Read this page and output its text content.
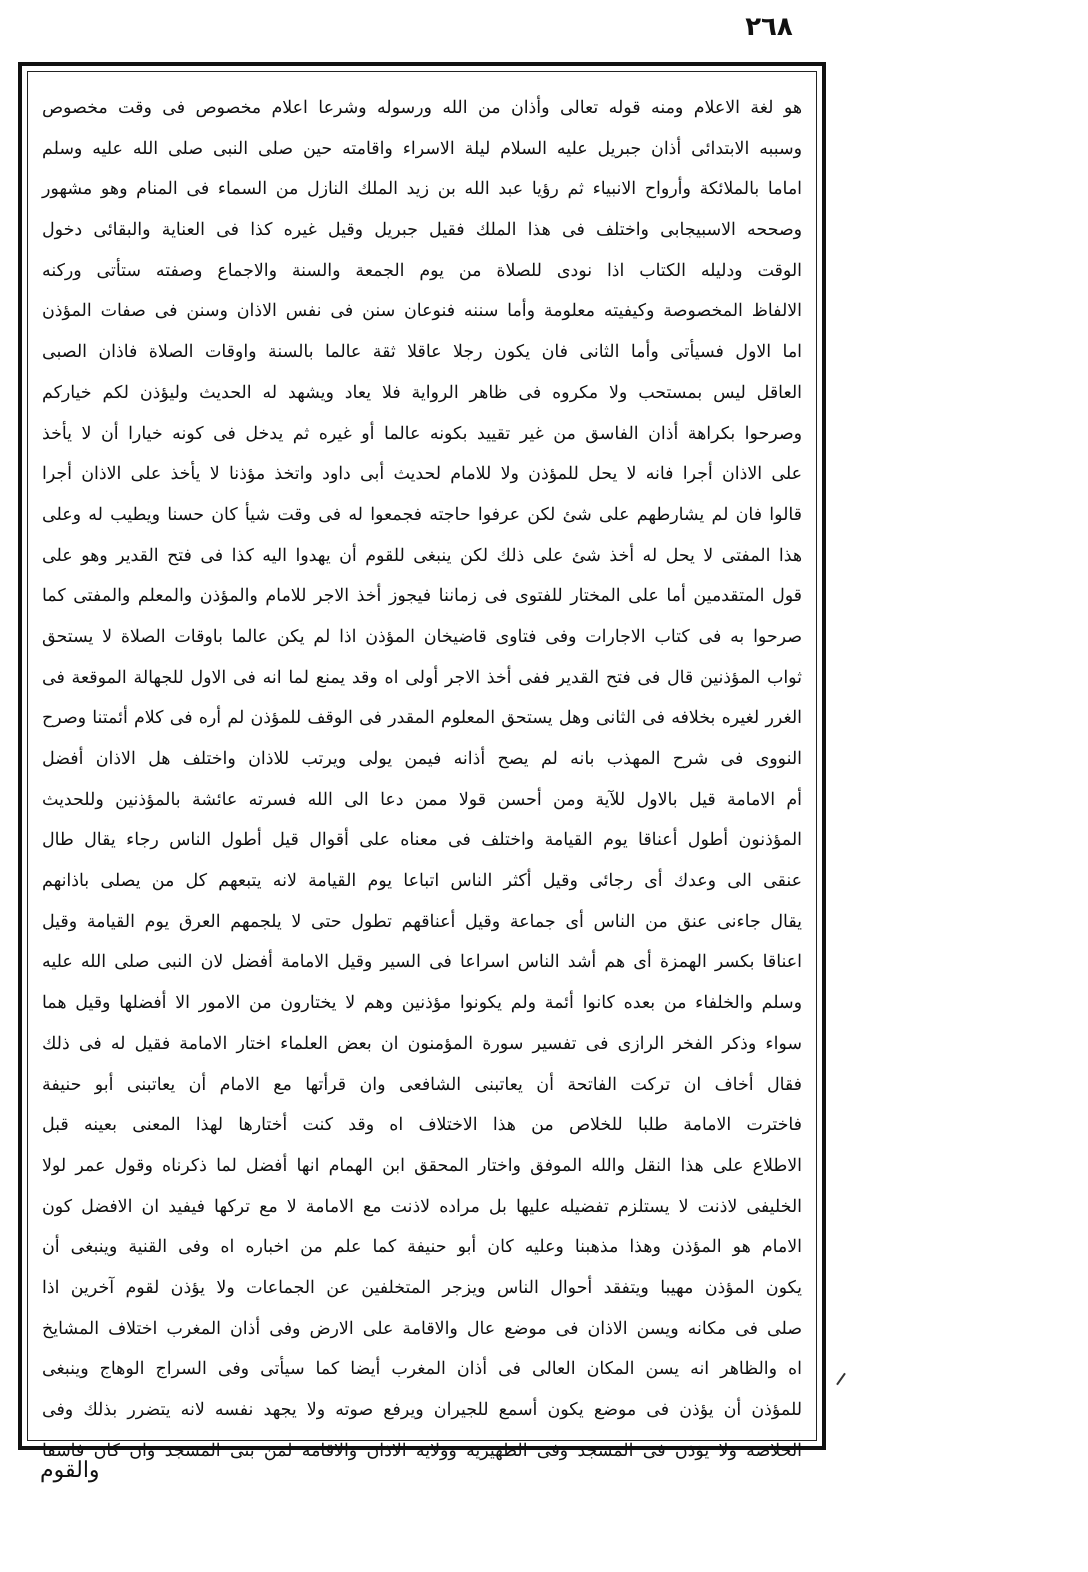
٢٦٨
هو لغة الاعلام ومنه قوله تعالى وأذان من الله ورسوله وشرعا اعلام مخصوص فى وقت مخصوص
وسببه الابتدائى أذان جبريل عليه السلام ليلة الاسراء واقامته حين صلى النبى صلى الله عليه وسلم
اماما بالملائكة وأرواح الانبياء ثم رؤيا عبد الله بن زيد الملك النازل من السماء فى المنام وهو مشهور
وصححه الاسبيجابى واختلف فى هذا الملك فقيل جبريل وقيل غيره كذا فى العناية والبقائى دخول
الوقت ودليله الكتاب اذا نودى للصلاة من يوم الجمعة والسنة والاجماع وصفته ستأتى وركنه
الالفاظ المخصوصة وكيفيته معلومة وأما سننه فنوعان سنن فى نفس الاذان وسنن فى صفات المؤذن
اما الاول فسيأتى وأما الثانى فان يكون رجلا عاقلا ثقة عالما بالسنة واوقات الصلاة فاذان الصبى
العاقل ليس بمستحب ولا مكروه فى ظاهر الرواية فلا يعاد ويشهد له الحديث وليؤذن لكم خياركم
وصرحوا بكراهة أذان الفاسق من غير تقييد بكونه عالما أو غيره ثم يدخل فى كونه خيارا أن لا يأخذ
على الاذان أجرا فانه لا يحل للمؤذن ولا للامام لحديث أبى داود واتخذ مؤذنا لا يأخذ على الاذان أجرا
قالوا فان لم يشارطهم على شئ لكن عرفوا حاجته فجمعوا له فى وقت شيأ كان حسنا ويطيب له وعلى
هذا المفتى لا يحل له أخذ شئ على ذلك لكن ينبغى للقوم أن يهدوا اليه كذا فى فتح القدير وهو على
قول المتقدمين أما على المختار للفتوى فى زماننا فيجوز أخذ الاجر للامام والمؤذن والمعلم والمفتى كما
صرحوا به فى كتاب الاجارات وفى فتاوى قاضيخان المؤذن اذا لم يكن عالما باوقات الصلاة لا يستحق
ثواب المؤذنين قال فى فتح القدير ففى أخذ الاجر أولى اه وقد يمنع لما انه فى الاول للجهالة الموقعة فى
الغرر لغيره بخلافه فى الثانى وهل يستحق المعلوم المقدر فى الوقف للمؤذن لم أره فى كلام أئمتنا وصرح
النووى فى شرح المهذب بانه لم يصح أذانه فيمن يولى ويرتب للاذان واختلف هل الاذان أفضل
أم الامامة قيل بالاول للآية ومن أحسن قولا ممن دعا الى الله فسرته عائشة بالمؤذنين وللحديث
المؤذنون أطول أعناقا يوم القيامة واختلف فى معناه على أقوال قيل أطول الناس رجاء يقال طال
عنقى الى وعدك أى رجائى وقيل أكثر الناس اتباعا يوم القيامة لانه يتبعهم كل من يصلى باذانهم
يقال جاءنى عنق من الناس أى جماعة وقيل أعناقهم تطول حتى لا يلجمهم العرق يوم القيامة وقيل
اعناقا بكسر الهمزة أى هم أشد الناس اسراعا فى السير وقيل الامامة أفضل لان النبى صلى الله عليه
وسلم والخلفاء من بعده كانوا أئمة ولم يكونوا مؤذنين وهم لا يختارون من الامور الا أفضلها وقيل هما
سواء وذكر الفخر الرازى فى تفسير سورة المؤمنون ان بعض العلماء اختار الامامة فقيل له فى ذلك
فقال أخاف ان تركت الفاتحة أن يعاتبنى الشافعى وان قرأتها مع الامام أن يعاتبنى أبو حنيفة
فاخترت الامامة طلبا للخلاص من هذا الاختلاف اه وقد كنت أختارها لهذا المعنى بعينه قبل
الاطلاع على هذا النقل والله الموفق واختار المحقق ابن الهمام انها أفضل لما ذكرناه وقول عمر لولا
الخليفى لاذنت لا يستلزم تفضيله عليها بل مراده لاذنت مع الامامة لا مع تركها فيفيد ان الافضل كون
الامام هو المؤذن وهذا مذهبنا وعليه كان أبو حنيفة كما علم من اخباره اه وفى القنية وينبغى أن
يكون المؤذن مهيبا ويتفقد أحوال الناس ويزجر المتخلفين عن الجماعات ولا يؤذن لقوم آخرين اذا
صلى فى مكانه ويسن الاذان فى موضع عال والاقامة على الارض وفى أذان المغرب اختلاف المشايخ
اه والظاهر انه يسن المكان العالى فى أذان المغرب أيضا كما سيأتى وفى السراج الوهاج وينبغى
للمؤذن أن يؤذن فى موضع يكون أسمع للجيران ويرفع صوته ولا يجهد نفسه لانه يتضرر بذلك وفى
الخلاصة ولا يؤذن فى المسجد وفى الظهيرية وولاية الاذان والاقامة لمن بنى المسجد وان كان فاسقا
والقوم
